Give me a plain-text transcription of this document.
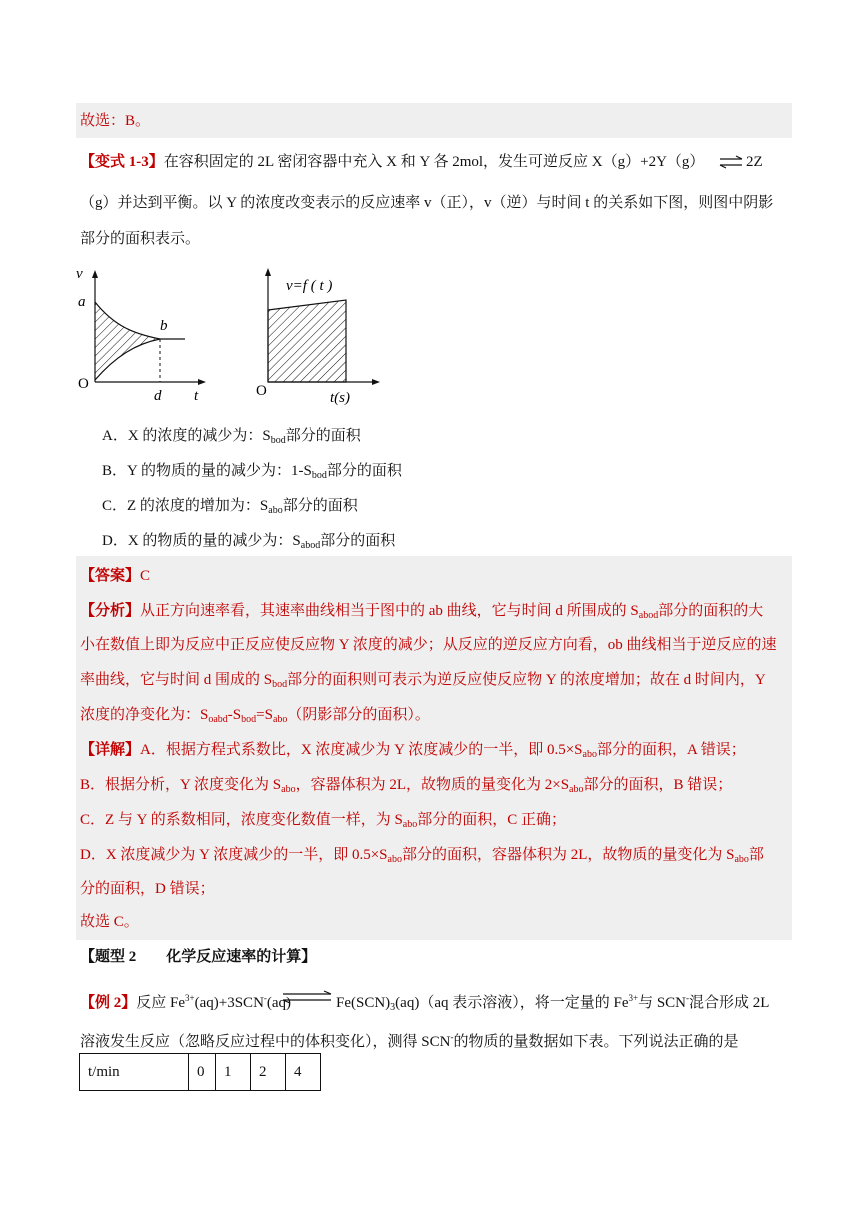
故选：B。
【变式 1-3】在容积固定的 2L 密闭容器中充入 X 和 Y 各 2mol，发生可逆反应 X（g）+2Y（g） ⇌ 2Z
（g）并达到平衡。以 Y 的浓度改变表示的反应速率 v（正），v（逆）与时间 t 的关系如下图，则图中阴影
部分的面积表示。
v
a
b
O
d t
v=f ( t )
O	t(s)
A．X 的浓度的减少为：$S_{bod}$部分的面积
B．Y 的物质的量的减少为：$1-S_{bod}$部分的面积
C．Z 的浓度的增加为：$S_{abo}$部分的面积
D．X 的物质的量的减少为：$S_{abod}$部分的面积
【答案】C
【分析】从正方向速率看，其速率曲线相当于图中的 ab 曲线，它与时间 d 所围成的 $S_{abod}$部分的面积的大
小在数值上即为反应中正反应使反应物 Y 浓度的减少；从反应的逆反应方向看，ob 曲线相当于逆反应的速
率曲线，它与时间 d 围成的 $S_{bod}$部分的面积则可表示为逆反应使反应物 Y 的浓度增加；故在 d 时间内，Y
浓度的净变化为：$S_{oabd}-S_{bod}=S_{abo}$（阴影部分的面积）。
【详解】A．根据方程式系数比，X 浓度减少为 Y 浓度减少的一半，即 $0.5\times S_{abo}$部分的面积，A 错误；
B．根据分析，Y 浓度变化为 $S_{abo}$，容器体积为 2L，故物质的量变化为 $2\times S_{abo}$部分的面积，B 错误；
C．Z 与 Y 的系数相同，浓度变化数值一样，为 $S_{abo}$部分的面积，C 正确；
D．X 浓度减少为 Y 浓度减少的一半，即 $0.5\times S_{abo}$部分的面积，容器体积为 2L，故物质的量变化为 $S_{abo}$部
分的面积，D 错误；
故选 C。
【题型 2 化学反应速率的计算】
【例 2】反应 $Fe^{3+}(aq)+3SCN^-(aq)$ ⇌ $Fe(SCN)_3(aq)(aq$ 表示溶液），将一定量的 $Fe^{3+}$与 SCN-混合形成 2L
溶液发生反应（忽略反应过程中的体积变化），测得 SCN-的物质的量数据如下表。下列说法正确的是
t/min	0	1	2	4
